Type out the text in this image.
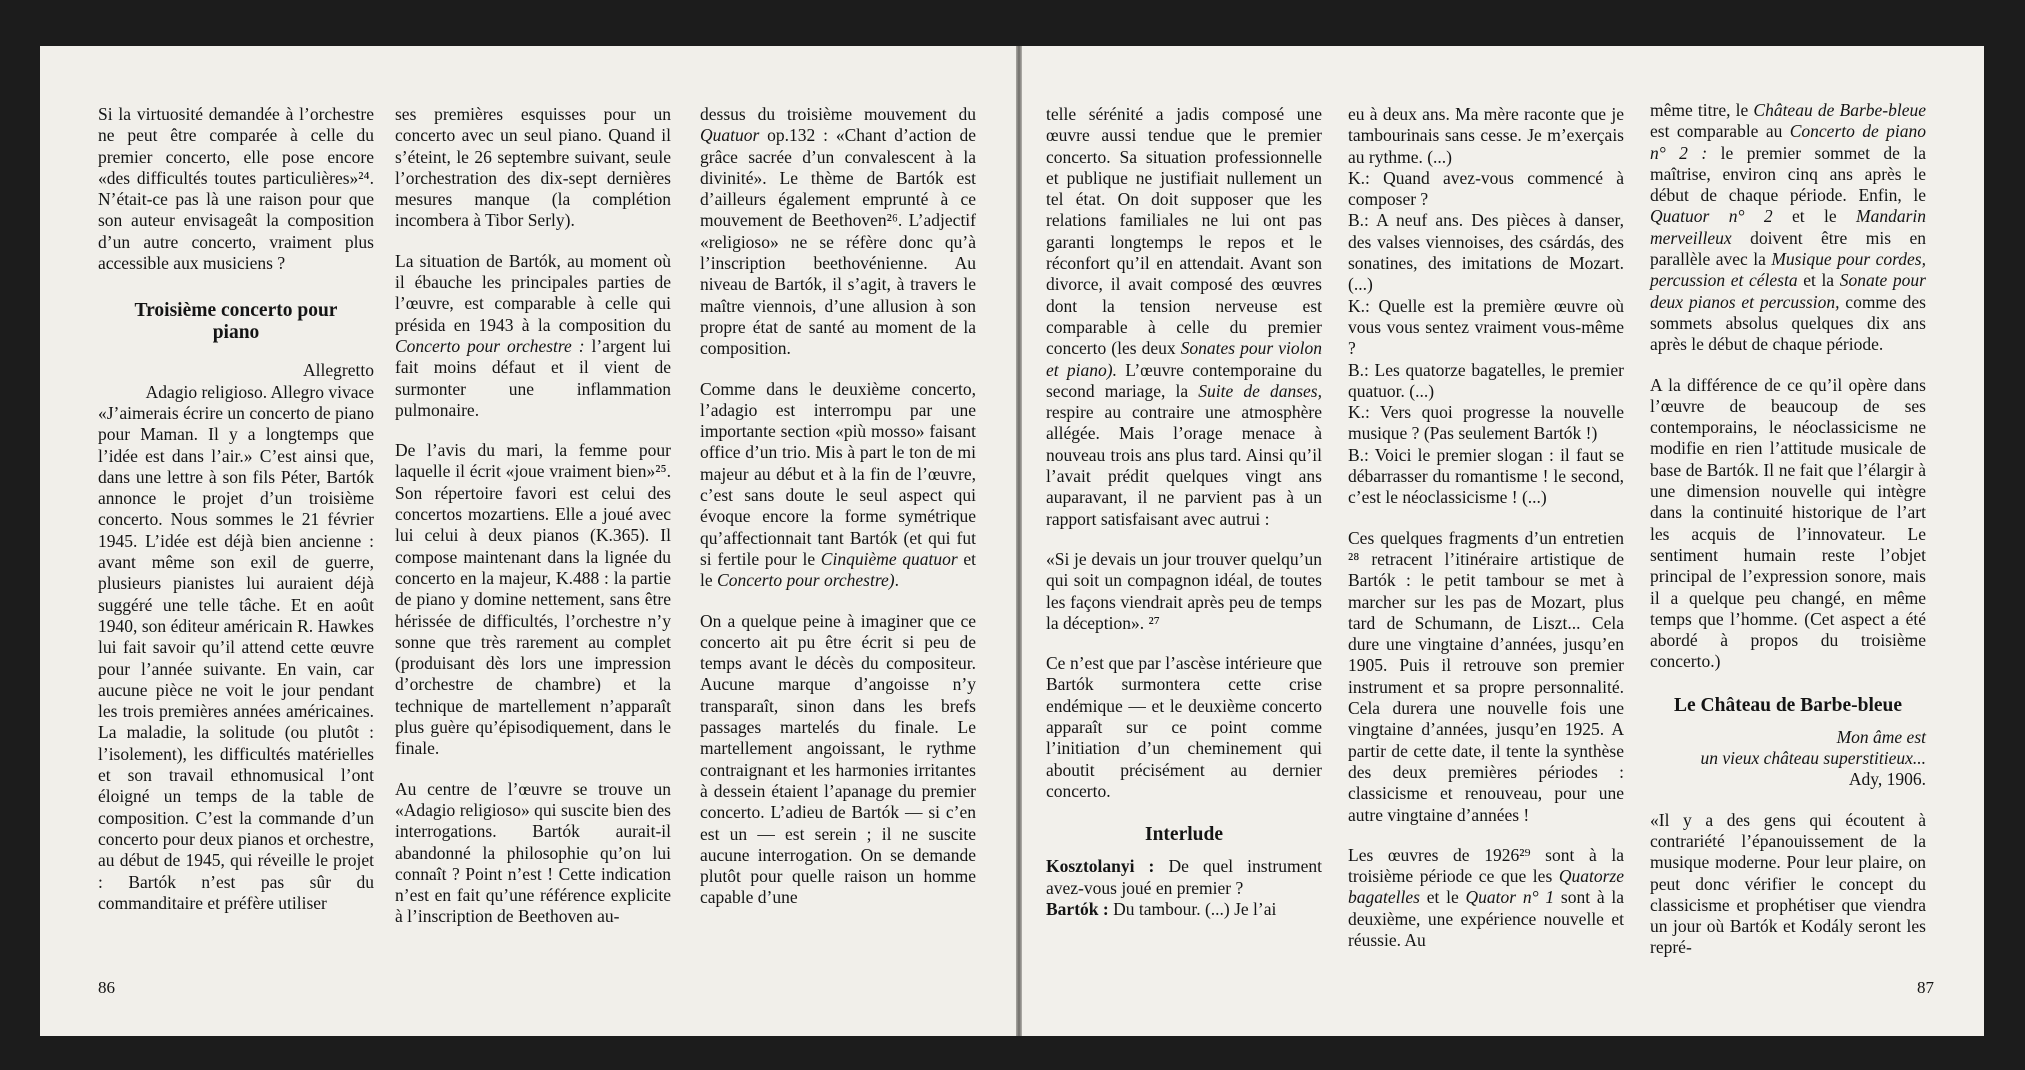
Si la virtuosité demandée à l’orchestre ne peut être comparée à celle du premier concerto, elle pose encore «des difficultés toutes particulières»²⁴. N’était-ce pas là une raison pour que son auteur envisageât la composition d’un autre concerto, vraiment plus accessible aux musiciens ?

Troisième concerto pour piano

Allegretto

Adagio religioso. Allegro vivace

«J’aimerais écrire un concerto de piano pour Maman. Il y a longtemps que l’idée est dans l’air.» C’est ainsi que, dans une lettre à son fils Péter, Bartók annonce le projet d’un troisième concerto. Nous sommes le 21 février 1945. L’idée est déjà bien ancienne : avant même son exil de guerre, plusieurs pianistes lui auraient déjà suggéré une telle tâche. Et en août 1940, son éditeur américain R. Hawkes lui fait savoir qu’il attend cette œuvre pour l’année suivante. En vain, car aucune pièce ne voit le jour pendant les trois premières années américaines. La maladie, la solitude (ou plutôt : l’isolement), les difficultés matérielles et son travail ethnomusical l’ont éloigné un temps de la table de composition. C’est la commande d’un concerto pour deux pianos et orchestre, au début de 1945, qui réveille le projet : Bartók n’est pas sûr du commanditaire et préfère utiliser

ses premières esquisses pour un concerto avec un seul piano. Quand il s’éteint, le 26 septembre suivant, seule l’orchestration des dix-sept dernières mesures manque (la complétion incombera à Tibor Serly).

La situation de Bartók, au moment où il ébauche les principales parties de l’œuvre, est comparable à celle qui présida en 1943 à la composition du Concerto pour orchestre : l’argent lui fait moins défaut et il vient de surmonter une inflammation pulmonaire.

De l’avis du mari, la femme pour laquelle il écrit «joue vraiment bien»²⁵. Son répertoire favori est celui des concertos mozartiens. Elle a joué avec lui celui à deux pianos (K.365). Il compose maintenant dans la lignée du concerto en la majeur, K.488 : la partie de piano y domine nettement, sans être hérissée de difficultés, l’orchestre n’y sonne que très rarement au complet (produisant dès lors une impression d’orchestre de chambre) et la technique de martellement n’apparaît plus guère qu’épisodiquement, dans le finale.

Au centre de l’œuvre se trouve un «Adagio religioso» qui suscite bien des interrogations. Bartók aurait-il abandonné la philosophie qu’on lui connaît ? Point n’est ! Cette indication n’est en fait qu’une référence explicite à l’inscription de Beethoven au-

dessus du troisième mouvement du Quatuor op.132 : «Chant d’action de grâce sacrée d’un convalescent à la divinité». Le thème de Bartók est d’ailleurs également emprunté à ce mouvement de Beethoven²⁶. L’adjectif «religioso» ne se réfère donc qu’à l’inscription beethovénienne. Au niveau de Bartók, il s’agit, à travers le maître viennois, d’une allusion à son propre état de santé au moment de la composition.

Comme dans le deuxième concerto, l’adagio est interrompu par une importante section «più mosso» faisant office d’un trio. Mis à part le ton de mi majeur au début et à la fin de l’œuvre, c’est sans doute le seul aspect qui évoque encore la forme symétrique qu’affectionnait tant Bartók (et qui fut si fertile pour le Cinquième quatuor et le Concerto pour orchestre).

On a quelque peine à imaginer que ce concerto ait pu être écrit si peu de temps avant le décès du compositeur. Aucune marque d’angoisse n’y transparaît, sinon dans les brefs passages martelés du finale. Le martellement angoissant, le rythme contraignant et les harmonies irritantes à dessein étaient l’apanage du premier concerto. L’adieu de Bartók — si c’en est un — est serein ; il ne suscite aucune interrogation. On se demande plutôt pour quelle raison un homme capable d’une

86

telle sérénité a jadis composé une œuvre aussi tendue que le premier concerto. Sa situation professionnelle et publique ne justifiait nullement un tel état. On doit supposer que les relations familiales ne lui ont pas garanti longtemps le repos et le réconfort qu’il en attendait. Avant son divorce, il avait composé des œuvres dont la tension nerveuse est comparable à celle du premier concerto (les deux Sonates pour violon et piano). L’œuvre contemporaine du second mariage, la Suite de danses, respire au contraire une atmosphère allégée. Mais l’orage menace à nouveau trois ans plus tard. Ainsi qu’il l’avait prédit quelques vingt ans auparavant, il ne parvient pas à un rapport satisfaisant avec autrui :

«Si je devais un jour trouver quelqu’un qui soit un compagnon idéal, de toutes les façons viendrait après peu de temps la déception». ²⁷

Ce n’est que par l’ascèse intérieure que Bartók surmontera cette crise endémique — et le deuxième concerto apparaît sur ce point comme l’initiation d’un cheminement qui aboutit précisément au dernier concerto.

Interlude

Kosztolanyi : De quel instrument avez-vous joué en premier ?

Bartók : Du tambour. (...) Je l’ai

eu à deux ans. Ma mère raconte que je tambourinais sans cesse. Je m’exerçais au rythme. (...)

K.: Quand avez-vous commencé à composer ?

B.: A neuf ans. Des pièces à danser, des valses viennoises, des csárdás, des sonatines, des imitations de Mozart. (...)

K.: Quelle est la première œuvre où vous vous sentez vraiment vous-même ?

B.: Les quatorze bagatelles, le premier quatuor. (...)

K.: Vers quoi progresse la nouvelle musique ? (Pas seulement Bartók !)

B.: Voici le premier slogan : il faut se débarrasser du romantisme ! le second, c’est le néoclassicisme ! (...)

Ces quelques fragments d’un entretien ²⁸ retracent l’itinéraire artistique de Bartók : le petit tambour se met à marcher sur les pas de Mozart, plus tard de Schumann, de Liszt... Cela dure une vingtaine d’années, jusqu’en 1905. Puis il retrouve son premier instrument et sa propre personnalité. Cela durera une nouvelle fois une vingtaine d’années, jusqu’en 1925. A partir de cette date, il tente la synthèse des deux premières périodes : classicisme et renouveau, pour une autre vingtaine d’années !

Les œuvres de 1926²⁹ sont à la troisième période ce que les Quatorze bagatelles et le Quator n° 1 sont à la deuxième, une expérience nouvelle et réussie. Au

même titre, le Château de Barbe-bleue est comparable au Concerto de piano n° 2 : le premier sommet de la maîtrise, environ cinq ans après le début de chaque période. Enfin, le Quatuor n° 2 et le Mandarin merveilleux doivent être mis en parallèle avec la Musique pour cordes, percussion et célesta et la Sonate pour deux pianos et percussion, comme des sommets absolus quelques dix ans après le début de chaque période.

A la différence de ce qu’il opère dans l’œuvre de beaucoup de ses contemporains, le néoclassicisme ne modifie en rien l’attitude musicale de base de Bartók. Il ne fait que l’élargir à une dimension nouvelle qui intègre dans la continuité historique de l’art les acquis de l’innovateur. Le sentiment humain reste l’objet principal de l’expression sonore, mais il a quelque peu changé, en même temps que l’homme. (Cet aspect a été abordé à propos du troisième concerto.)

Le Château de Barbe-bleue

Mon âme est

un vieux château superstitieux...

Ady, 1906.

«Il y a des gens qui écoutent à contrariété l’épanouissement de la musique moderne. Pour leur plaire, on peut donc vérifier le concept du classicisme et prophétiser que viendra un jour où Bartók et Kodály seront les repré-

87
